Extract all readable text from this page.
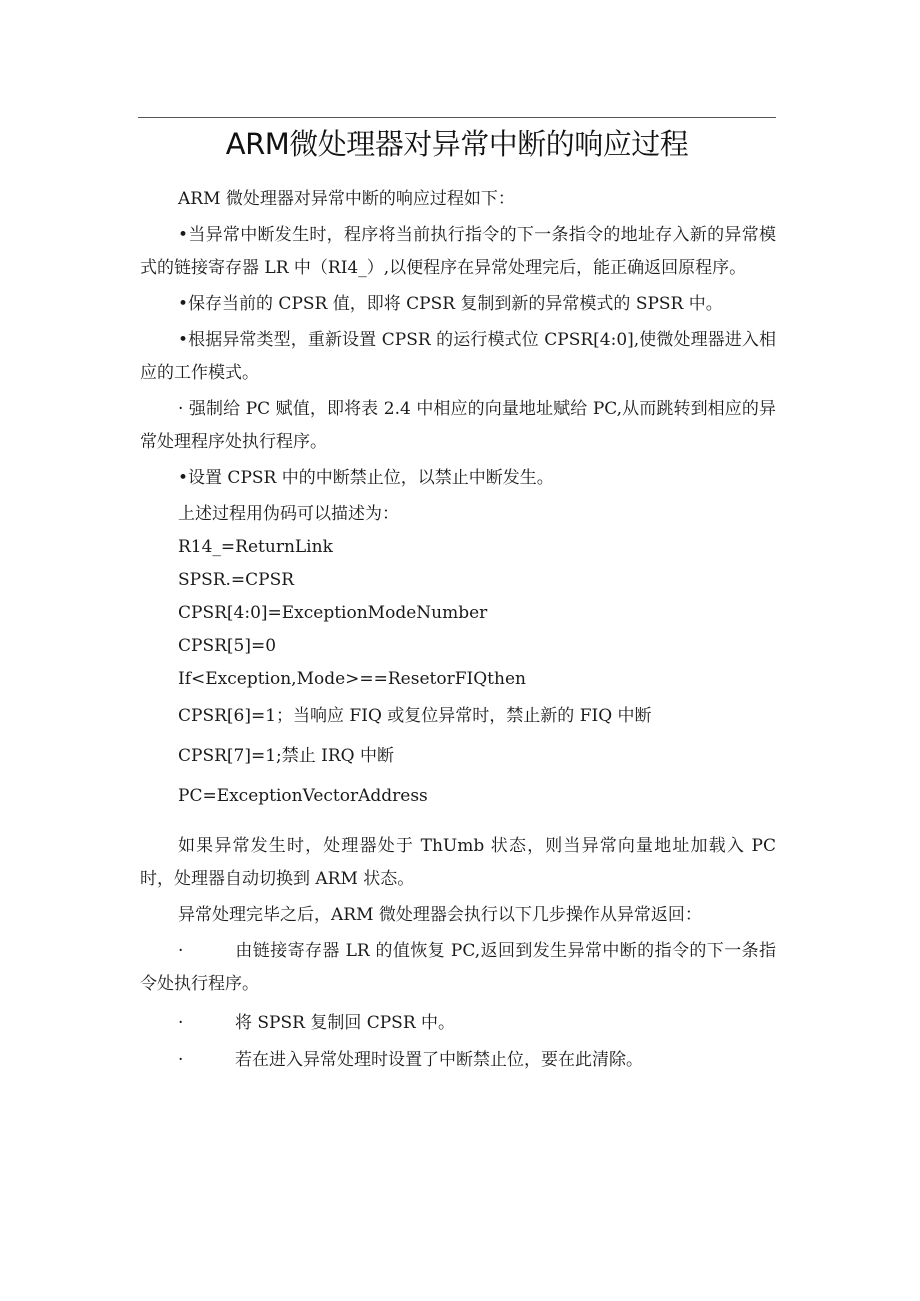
ARM微处理器对异常中断的响应过程

ARM 微处理器对异常中断的响应过程如下：

•当异常中断发生时，程序将当前执行指令的下一条指令的地址存入新的异常模式的链接寄存器 LR 中（RI4_）,以便程序在异常处理完后，能正确返回原程序。

•保存当前的 CPSR 值，即将 CPSR 复制到新的异常模式的 SPSR 中。

•根据异常类型，重新设置 CPSR 的运行模式位 CPSR[4:0],使微处理器进入相应的工作模式。

· 强制给 PC 赋值，即将表 2.4 中相应的向量地址赋给 PC,从而跳转到相应的异常处理程序处执行程序。

•设置 CPSR 中的中断禁止位，以禁止中断发生。

上述过程用伪码可以描述为：

R14_=ReturnLink

SPSR.=CPSR

CPSR[4:0]=ExceptionModeNumber

CPSR[5]=0

If<Exception,Mode>==ResetorFIQthen

CPSR[6]=1；当响应 FIQ 或复位异常时，禁止新的 FIQ 中断

CPSR[7]=1;禁止 IRQ 中断

PC=ExceptionVectorAddress

如果异常发生时，处理器处于 ThUmb 状态，则当异常向量地址加载入 PC 时，处理器自动切换到 ARM 状态。

异常处理完毕之后，ARM 微处理器会执行以下几步操作从异常返回：

·	由链接寄存器 LR 的值恢复 PC,返回到发生异常中断的指令的下一条指令处执行程序。

·	将 SPSR 复制回 CPSR 中。

·	若在进入异常处理时设置了中断禁止位，要在此清除。
